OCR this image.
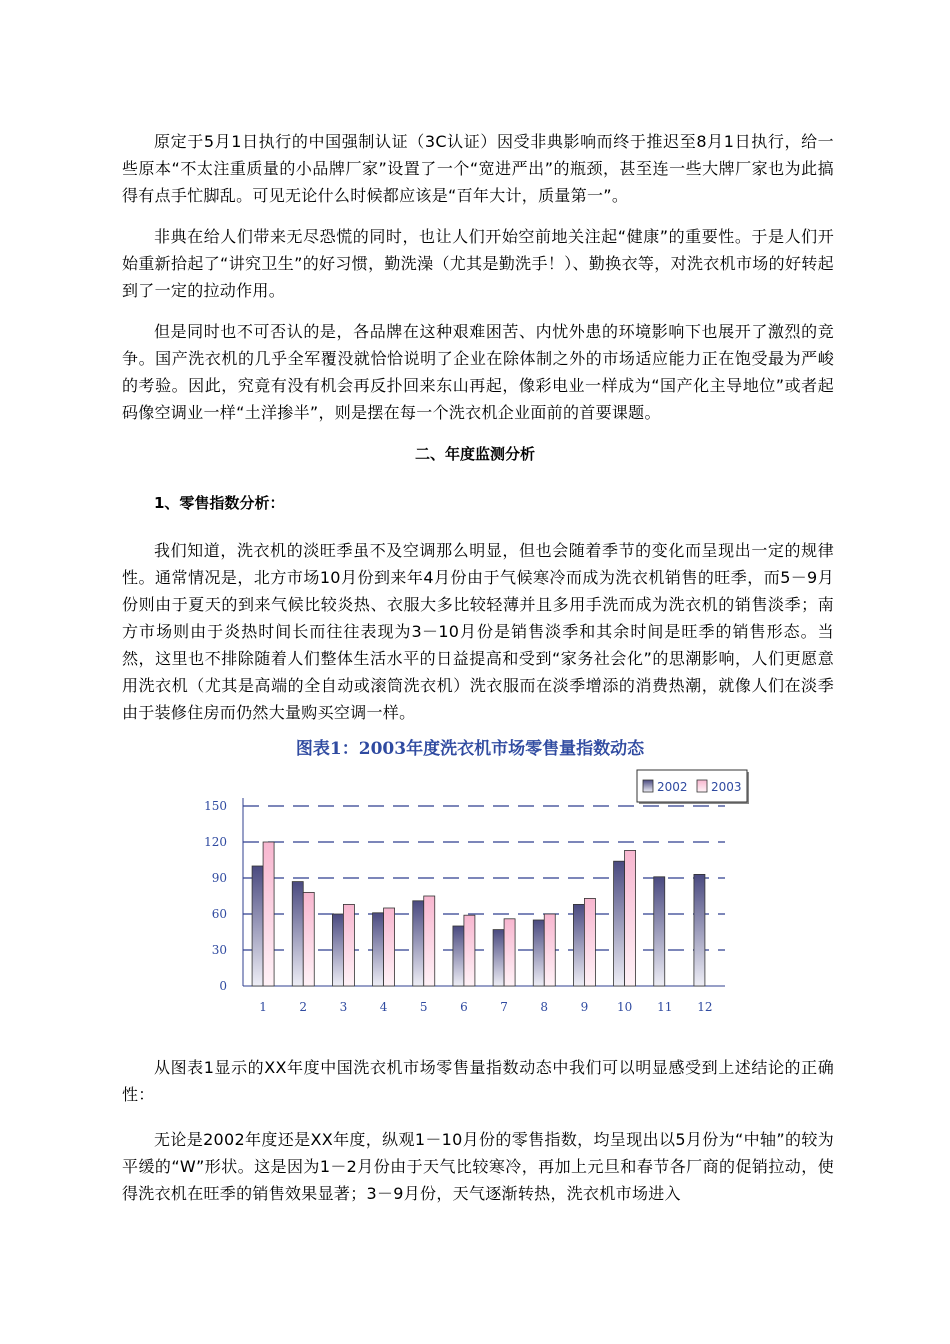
原定于5月1日执行的中国强制认证（3C认证）因受非典影响而终于推迟至8月1日执行，给一些原本“不太注重质量的小品牌厂家”设置了一个“宽进严出”的瓶颈，甚至连一些大牌厂家也为此搞得有点手忙脚乱。可见无论什么时候都应该是“百年大计，质量第一”。

非典在给人们带来无尽恐慌的同时，也让人们开始空前地关注起“健康”的重要性。于是人们开始重新拾起了“讲究卫生”的好习惯，勤洗澡（尤其是勤洗手！）、勤换衣等，对洗衣机市场的好转起到了一定的拉动作用。

但是同时也不可否认的是，各品牌在这种艰难困苦、内忧外患的环境影响下也展开了激烈的竞争。国产洗衣机的几乎全军覆没就恰恰说明了企业在除体制之外的市场适应能力正在饱受最为严峻的考验。因此，究竟有没有机会再反扑回来东山再起，像彩电业一样成为“国产化主导地位”或者起码像空调业一样“土洋掺半”，则是摆在每一个洗衣机企业面前的首要课题。

二、年度监测分析
1、零售指数分析：

我们知道，洗衣机的淡旺季虽不及空调那么明显，但也会随着季节的变化而呈现出一定的规律性。通常情况是，北方市场10月份到来年4月份由于气候寒冷而成为洗衣机销售的旺季，而5－9月份则由于夏天的到来气候比较炎热、衣服大多比较轻薄并且多用手洗而成为洗衣机的销售淡季；南方市场则由于炎热时间长而往往表现为3－10月份是销售淡季和其余时间是旺季的销售形态。当然，这里也不排除随着人们整体生活水平的日益提高和受到“家务社会化”的思潮影响，人们更愿意用洗衣机（尤其是高端的全自动或滚筒洗衣机）洗衣服而在淡季增添的消费热潮，就像人们在淡季由于装修住房而仍然大量购买空调一样。

图表1：2003年度洗衣机市场零售量指数动态
0
30
60
90
120
150
1	2	3	4	5	6	7	8	9 10 11 12
2002 2003

从图表1显示的XX年度中国洗衣机市场零售量指数动态中我们可以明显感受到上述结论的正确性：

无论是2002年度还是XX年度，纵观1－10月份的零售指数，均呈现出以5月份为“中轴”的较为平缓的“W”形状。这是因为1－2月份由于天气比较寒冷，再加上元旦和春节各厂商的促销拉动，使得洗衣机在旺季的销售效果显著；3－9月份，天气逐渐转热，洗衣机市场进入
